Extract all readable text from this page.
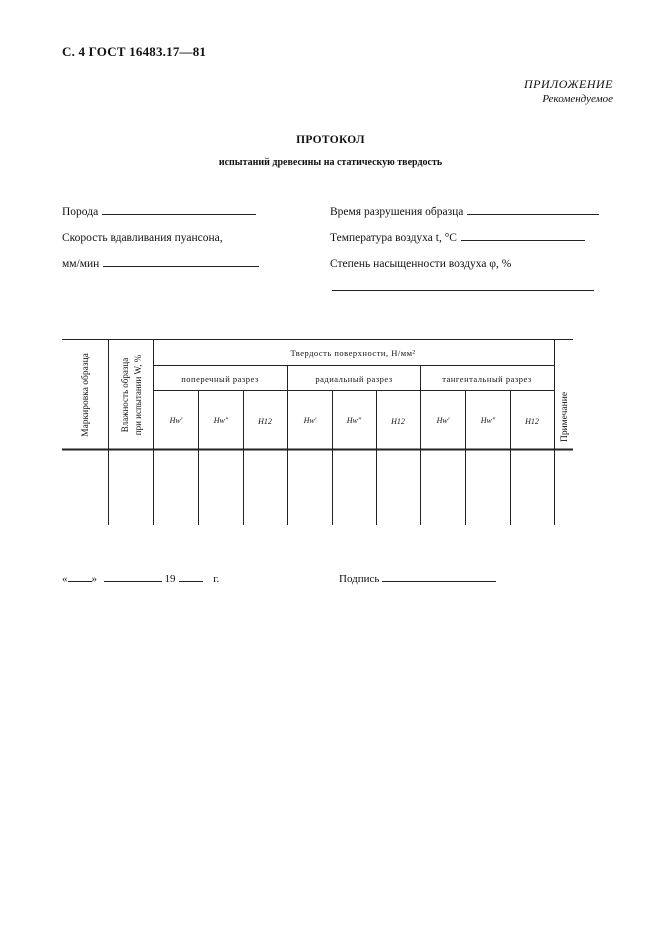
С. 4 ГОСТ 16483.17—81
ПРИЛОЖЕНИЕ
Рекомендуемое
ПРОТОКОЛ
испытаний древесины на статическую твердость
Порода
Скорость вдавливания пуансона,
мм/мин
Время разрушения образца
Температура воздуха t, °С
Степень насыщенности воздуха φ, %
Маркировка образца	Влажность образца при испытании W, %	Примечание
Твердость поверхности, Н/мм²
поперечный разрез	радиальный разрез	тангентальный разрез
Hw′	Hw″	H12	Hw′	Hw″	H12	Hw′	Hw″	H12
« »	19	г.	Подпись
